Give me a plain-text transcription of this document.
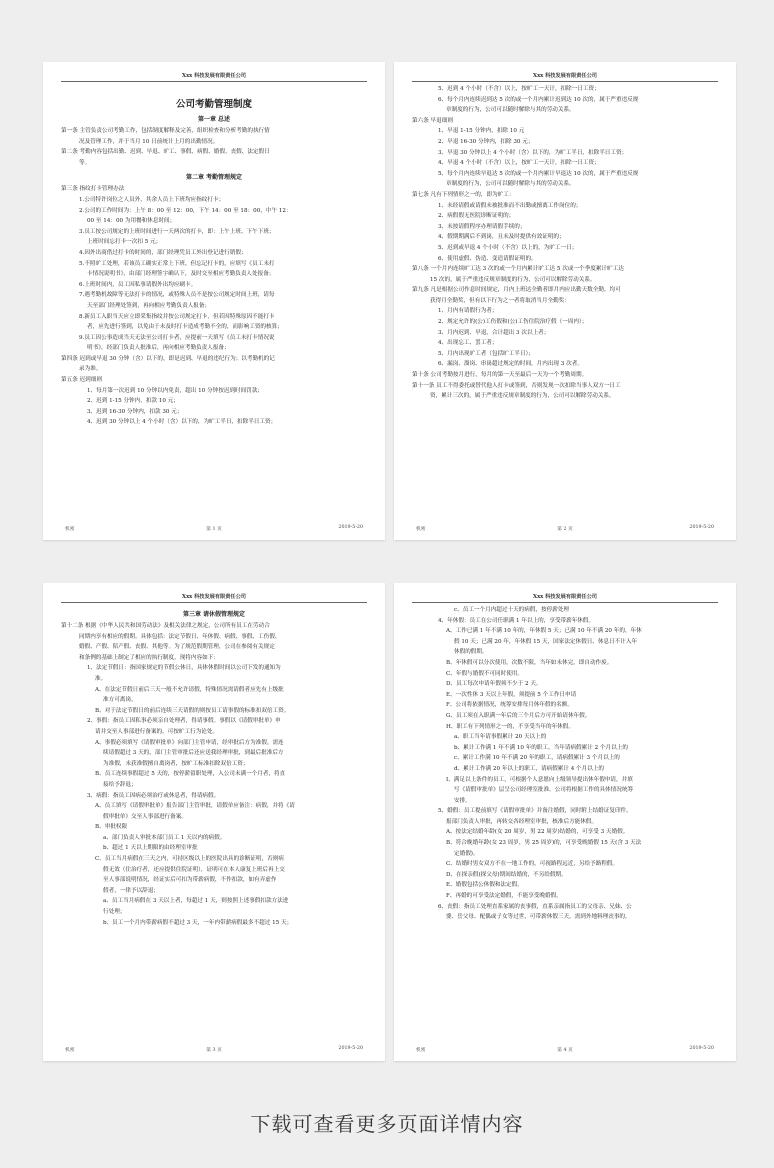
Xxx 科技发展有限责任公司
公司考勤管理制度
第一章 总述
第一条 主管负责公司考勤工作，包括制度解释及完善，组织检查和分析考勤的执行情
况及管理工作，并于当月 10 日前统计上月的出勤情况。
第二条 考勤内容包括出勤、迟到、早退、旷工、事假、病假、婚假、丧假、法定假日
等。
第二章 考勤管理规定
第三条 指纹打卡管理办法
1.公司特许岗位之人员外，其余人员上下班均应指纹打卡；
2.公司的工作时间为：上午 8：00 至 12：00，下午 14：00 至 18：00，中午 12：
00 至 14：00 为用餐和休息时间；
3.员工按公司规定的上班时间进行一天两次的打卡，即：上午上班、下午下班；
上班时间忘打卡一次扣 5 元；
4.因外出商借过打卡的时间的，部门经理凭员工外出登记进行销假；
5.不照旷工处理，若该员工确实正常上下班，但忘记打卡的，应填写《员工未打
卡情况说明书》，由部门经理签字确认下，及时交至相应考勤负责人处报备；
6.上班时间内，员工因私事请假外出均应刷卡。
7.遇考勤机故障等无法打卡的情况，或特殊人员不是按公司规定时间上班，请每
天至部门经理处签到，再向相应考勤负责人报备；
8.新员工入职当天应立即采集指纹并按公司规定打卡，但若因特殊原因不能打卡
者，应先进行签到，以免由于未及时打卡造成考勤不全的，而影响工资的核算；
9.员工因公事造成当天无法至公司打卡者，应提前一天填写《员工未打卡情况说
明书》，经部门负责人批准后，再向相应考勤负责人报备；
第四条 迟到或早退 30 分钟（含）以下的，即是迟到、早退的违纪行为；以考勤机的记
录为准。
第五条 迟到细则
1、每月第一次迟到 10 分钟以内免责，超出 10 分钟按迟到时间罚款；
2、迟到 1-15 分钟内，扣款 10 元；
3、迟到 16-30 分钟内，扣款 30 元；
4、迟到 30 分钟以上 4 个小时（含）以下的，为旷工半日，扣除半日工资；
机密	第 1 页	2019-5-20
Xxx 科技发展有限责任公司
5、迟到 4 个小时（不含）以上，按旷工一天计，扣除一日工资；
6、每个月内连续迟到达 5 次的或一个月内累计迟到达 10 次的，属于严重违反规
章制度的行为，公司可以随时解除与其的劳动关系。
第六条 早退细则
1、早退 1-15 分钟内，扣除 10 元
2、早退 16-30 分钟内，扣除 30 元；
3、早退 30 分钟以上 4 个小时（含）以下的，为旷工半日，扣除半日工资；
4、早退 4 个小时（不含）以上，按旷工一天计，扣除一日工资；
5、每个月内连续早退达 5 次的或一个月内累计早退达 10 次的，属于严重违反规
章制度的行为，公司可以随时解除与其的劳动关系。
第七条 凡有下列情形之一的，即为旷工：
1、未经请假或请假未被批准而不出勤或擅离工作岗位的；
2、病假假无医院诊断证明的；
3、未按请假程序办理请假手续的；
4、假期期满后不到岗，且未及时提供有效证明的；
5、迟到或早退 4 个小时（不含）以上的，为旷工一日；
6、使用虚假、伪造、变造请假证明的。
第八条 一个月内连续旷工达 3 次的或一个月内累计旷工达 5 次或一个季度累计旷工达
15 次的，属于严重违反规章制度的行为，公司可以解除劳动关系。
第九条 凡是根据公司作息时间规定，月内上班达全勤者即月内应出勤天数全勤，均可
获得月全勤奖，但有以下行为之一者将取消当月全勤奖：
1、月内有请假行为者；
2、规定允许的(公)工伤假和(公)工伤住院治疗假（一周内）；
3、月内迟到、早退，合计超出 3 次以上者；
4、出现忘工、罢工者；
5、月内出现旷工者（包括旷工半日）；
6、漏岗、溜岗、串岗超过规定的时间，月内出现 3 次者。
第十条 公司考勤按月进行，每月的第一天至最后一天为一个考勤周期。
第十一条 员工不得委托或替代他人打卡或签到，否则发现一次扣除当事人双方一日工
资，累计三次的，属于严重违反规章制度的行为，公司可以解除劳动关系。
机密	第 2 页	2019-5-20
Xxx 科技发展有限责任公司
第三章 请休假管理规定
第十二条 根据《中华人民共和国劳动法》及相关法律之规定，公司所有员工在劳动合
同期内享有相应的假期。具体包括：法定节假日、年休假、病假、事假、工伤假、
婚假、产假、陪产假、丧假、其他等。为了规范假期管理，公司在参阅有关规定
和条例的基础上制定了相应的执行制度，现将内容如下：
1、法定节假日：指国家规定的节假公休日，具体休假时间以公司下发的通知为
准。
A、在法定节假日前后三天一般不允许请假，特殊情况需请假者应先有上级批
准方可离岗。
B、对于法定节假日的前后连续三天请假的则按员工请事假的标准扣双倍工资。
2、事假：指员工因私事必须亲自处理者，得请事假。事假以《请假审批单》申
请并交至人事部进行备案的，可按旷工行为论处。
A、事假必须填写《请假审批单》向部门主管申请，经审批后方为准假。需连
续请假超过 3 天的，部门主管审批后还应送我经理审批，到最后批准后方
为准假，未获准假擅自离岗者，按旷工标准扣除双倍工资；
B、员工连续事假超过 5 天的，按停薪留职处理，入公司未满一个月者，将直
接给予辞退；
3、病假：指员工因病必须治疗或休息者，得请病假。
A、员工填写《请假审批单》报告部门主管审批，请假单应备注：病假，并将《请
假审批单》交至人事部进行备案。
B、审批权限
a、部门负责人审批本部门员工 1 天以内的病假。
b、超过 1 天以上期限的由经理室审批
C、员工当月病假在三天之内，可持区级以上的医院出具的诊断证明，否则病
假无效（住治疗者，还应提供住院证明），证明可在本人康复上班后再上交
至人事部说明情况，经证实后可扣为带薪病假，不作扣款，如有弄虚作
假者，一律予以辞退；
a、员工当月病假在 3 天以上者，每超过 1 天，则按照上述事假扣款方法进
行处理；
b、员工一个月内带薪病假不超过 3 天，一年内带薪病假最多不超过 15 天；
机密	第 3 页	2019-5-20
Xxx 科技发展有限责任公司
c、员工一个月内超过十天的病假，按停薪处理
4、年休假：员工在公司任职满 1 年以上的，享受带薪年休假。
A、工作已满 1 年不满 10 年的，年休假 5 天；已满 10 年不满 20 年的，年休
假 10 天；已满 20 年，年休假 15 天，国家法定休假日、休息日不计入年
休假的假期。
B、年休假可以分次使用，次数不限，当年如未休完，即自动作废。
C、年假与婚假不可同时使用。
D、员工每次申请年假须不少于 2 天。
E、一次性休 3 天以上年假，须提前 5 个工作日申请
F、公司将依据情况，统筹安排每月休年假的名额。
G、员工须在入职满一年后的三个月后方可开始请休年假。
H、职工有下列情形之一的，不享受当年的年休假。
a、职工当年请事假累计 20 天以上的
b、累计工作满 1 年不满 10 年的职工，当年请病假累计 2 个月以上的
c、累计工作满 10 年不满 20 年的职工，请病假累计 3 个月以上的
d、累计工作满 20 年以上的职工，请病假累计 4 个月以上的
I、满足以上条件的员工，可根据个人意愿向上级领导提出休年假申请，并填
写《请假审批单》层呈公司经理室批准。公司将根据工作的具体情况统筹
安排。
5、婚假：员工提前填写《请假审批单》并备注婚假，同时附上结婚证复印件，
报部门负责人审批，再转交各经理室审批，核准后方能休假。
A、按法定结婚年龄(女 20 周岁，男 22 周岁)结婚的，可享受 3 天婚假。
B、符合晚婚年龄(女 23 周岁，男 25 周岁)的，可享受晚婚假 15 天(含 3 天法
定婚假)。
C、结婚时男女双方不在一地工作的，可视路程远近，另给予路程假。
D、在探亲假(探父母)期间结婚的，不另给假期。
E、婚假包括公休假和法定假。
F、再婚的可享受法定婚假，不能享受晚婚假。
6、丧假：指员工处理直系家属的丧事假，直系亲属指员工的父母亲、兄妹、公
婆、岳父母、配偶或子女等过世，可带薪休假三天，需到外地料理丧事的，
机密	第 4 页	2019-5-20
下载可查看更多页面详情内容
